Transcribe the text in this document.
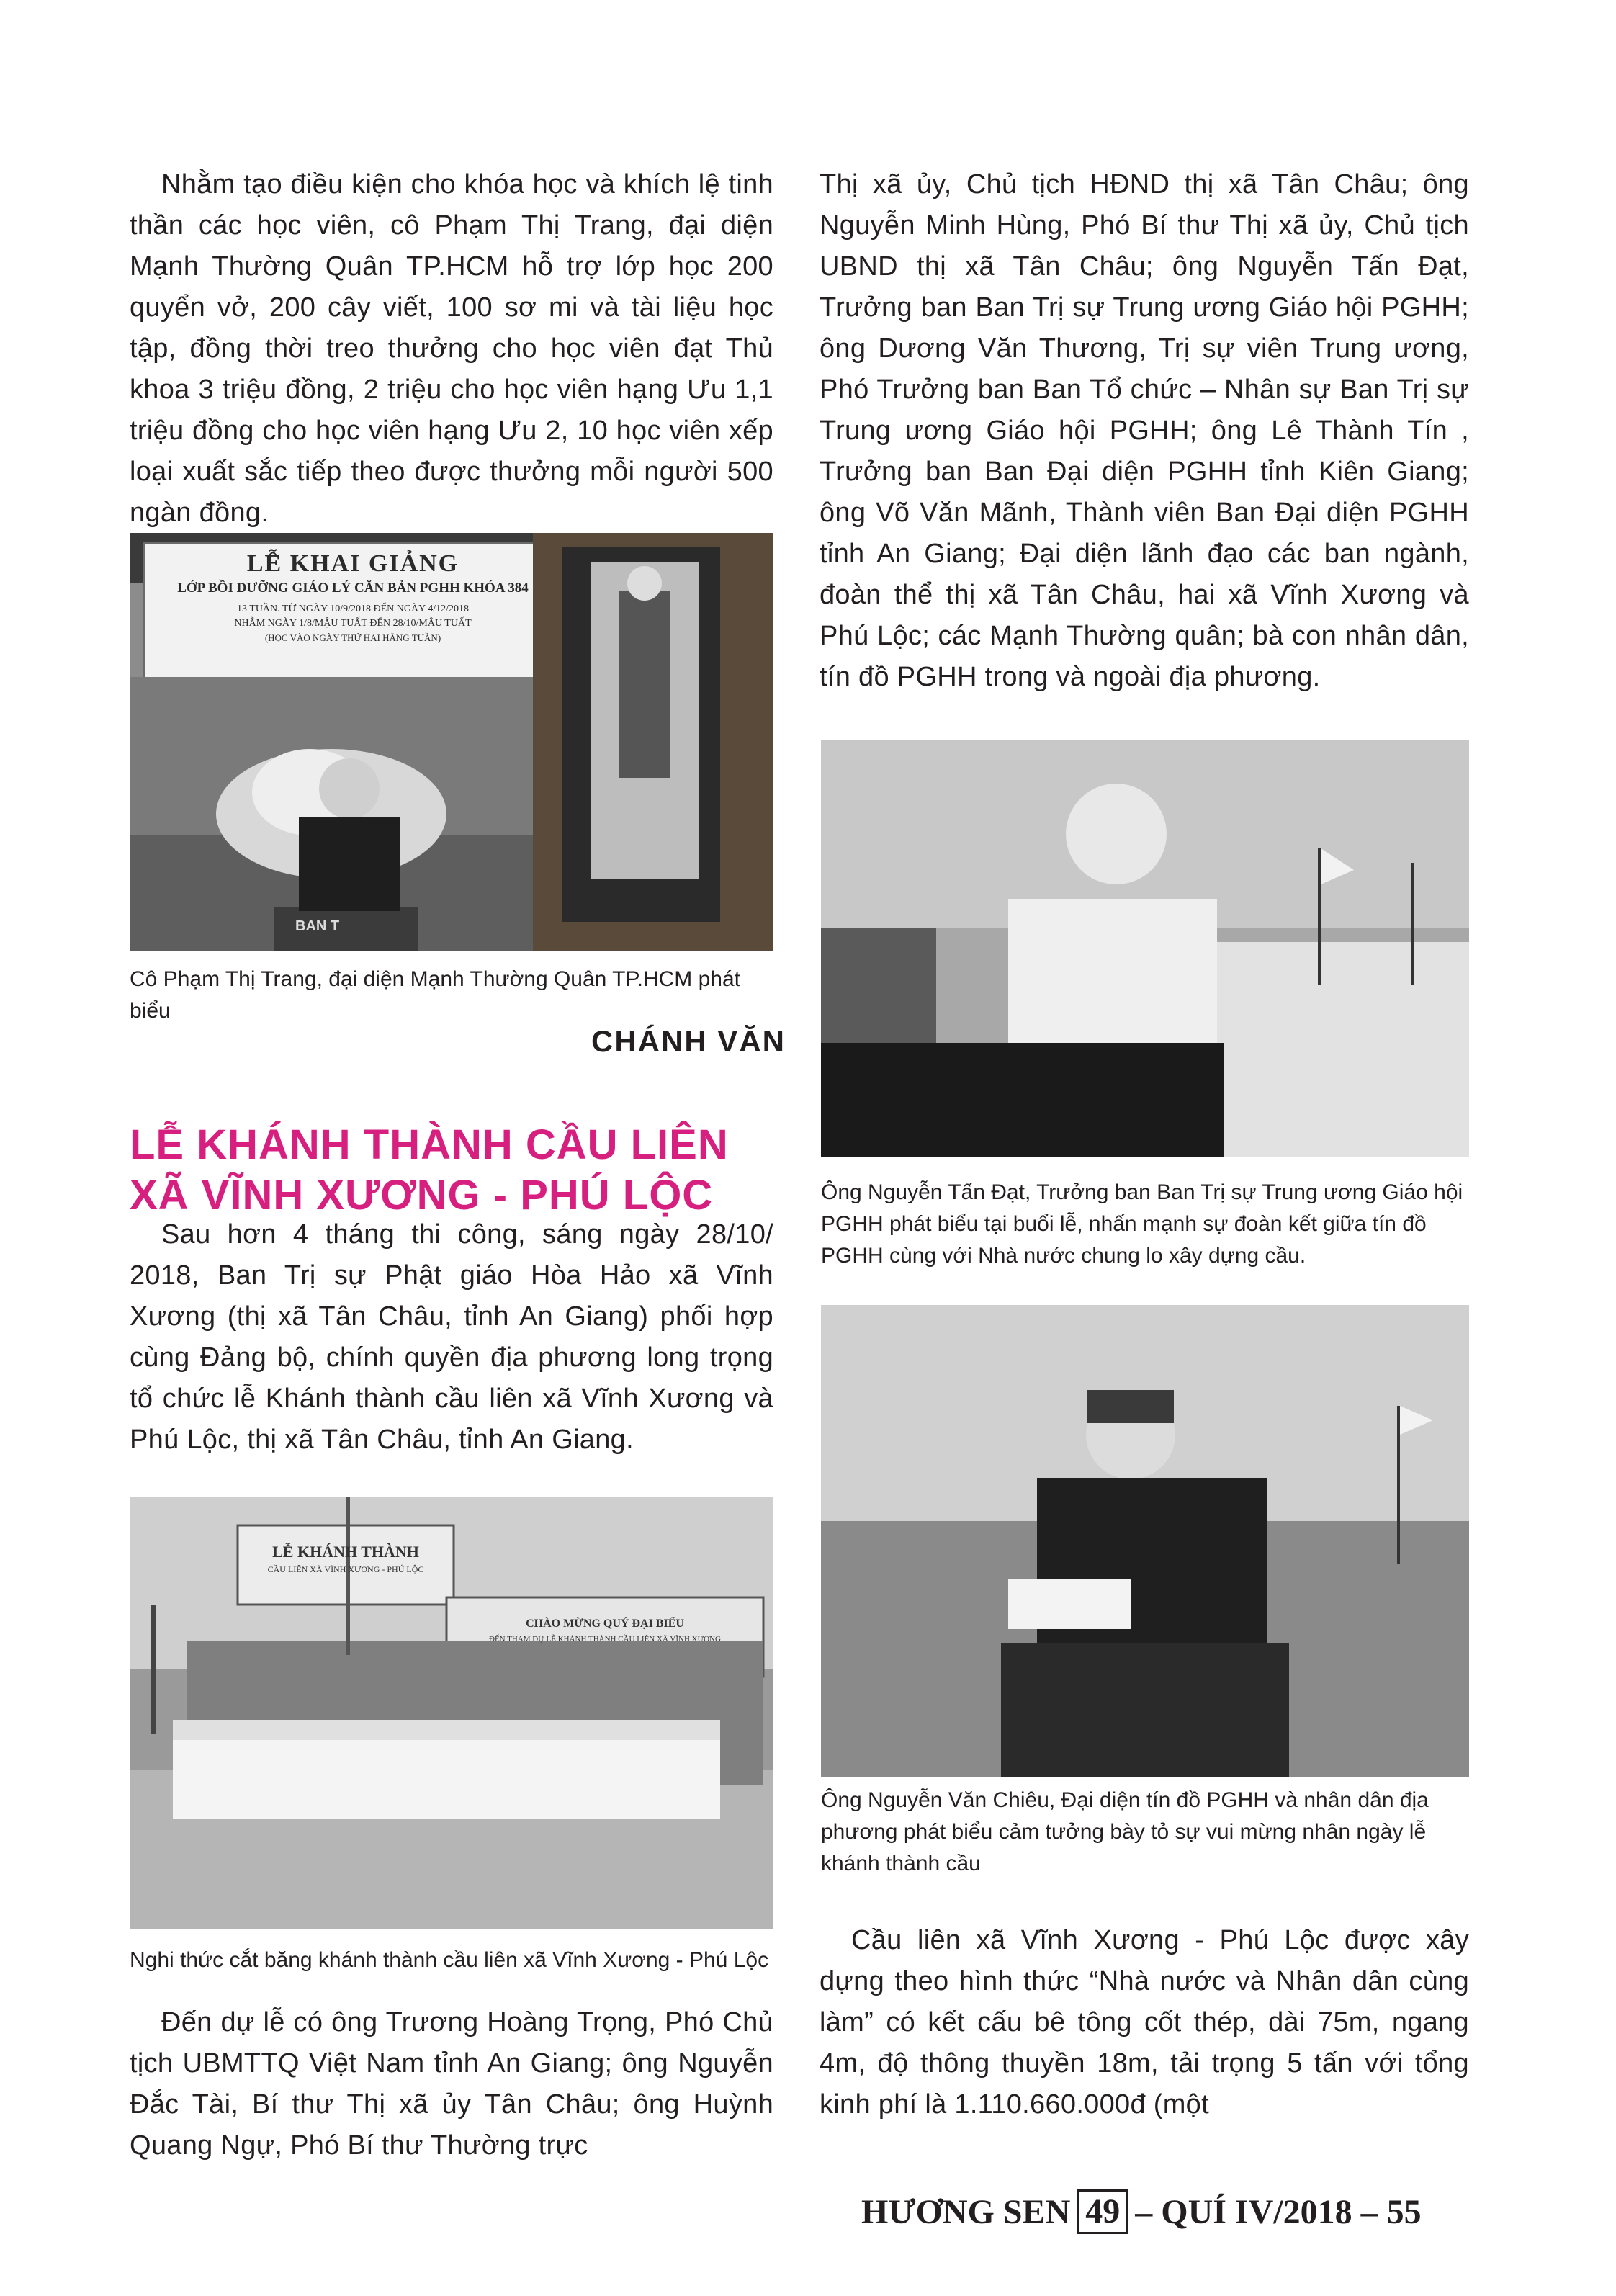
Nhằm tạo điều kiện cho khóa học và khích lệ tinh thần các học viên, cô Phạm Thị Trang, đại diện Mạnh Thường Quân TP.HCM hỗ trợ lớp học 200 quyển vở, 200 cây viết, 100 sơ mi và tài liệu học tập, đồng thời treo thưởng cho học viên đạt Thủ khoa 3 triệu đồng, 2 triệu cho học viên hạng Ưu 1,1 triệu đồng cho học viên hạng Ưu 2, 10 học viên xếp loại xuất sắc tiếp theo được thưởng mỗi người 500 ngàn đồng.

LỄ KHAI GIẢNG
LỚP BỒI DƯỠNG GIÁO LÝ CĂN BẢN PGHH KHÓA 384
13 TUẦN. TỪ NGÀY 10/9/2018 ĐẾN NGÀY 4/12/2018
NHẰM NGÀY 1/8/MẬU TUẤT ĐẾN 28/10/MẬU TUẤT
(HỌC VÀO NGÀY THỨ HAI HẰNG TUẦN)
BAN T

Cô Phạm Thị Trang, đại diện Mạnh Thường Quân TP.HCM phát biểu

CHÁNH VĂN

LỄ KHÁNH THÀNH CẦU LIÊN XÃ VĨNH XƯƠNG - PHÚ LỘC

Sau hơn 4 tháng thi công, sáng ngày 28/10/ 2018, Ban Trị sự Phật giáo Hòa Hảo xã Vĩnh Xương (thị xã Tân Châu, tỉnh An Giang) phối hợp cùng Đảng bộ, chính quyền địa phương long trọng tổ chức lễ Khánh thành cầu liên xã Vĩnh Xương và Phú Lộc, thị xã Tân Châu, tỉnh An Giang.

LỄ KHÁNH THÀNH
CẦU LIÊN XÃ VĨNH XƯƠNG - PHÚ LỘC
CHÀO MỪNG QUÝ ĐẠI BIỂU
ĐẾN THAM DỰ LỄ KHÁNH THÀNH CẦU LIÊN XÃ VĨNH XƯƠNG

Nghi thức cắt băng khánh thành cầu liên xã Vĩnh Xương - Phú Lộc

Đến dự lễ có ông Trương Hoàng Trọng, Phó Chủ tịch UBMTTQ Việt Nam tỉnh An Giang; ông Nguyễn Đắc Tài, Bí thư Thị xã ủy Tân Châu; ông Huỳnh Quang Ngự, Phó Bí thư Thường trực

Thị xã ủy, Chủ tịch HĐND thị xã Tân Châu; ông Nguyễn Minh Hùng, Phó Bí thư Thị xã ủy, Chủ tịch UBND thị xã Tân Châu; ông Nguyễn Tấn Đạt, Trưởng ban Ban Trị sự Trung ương Giáo hội PGHH; ông Dương Văn Thương, Trị sự viên Trung ương, Phó Trưởng ban Ban Tổ chức – Nhân sự Ban Trị sự Trung ương Giáo hội PGHH; ông Lê Thành Tín , Trưởng ban Ban Đại diện PGHH tỉnh Kiên Giang; ông Võ Văn Mãnh, Thành viên Ban Đại diện PGHH tỉnh An Giang; Đại diện lãnh đạo các ban ngành, đoàn thể thị xã Tân Châu, hai xã Vĩnh Xương và Phú Lộc; các Mạnh Thường quân; bà con nhân dân, tín đồ PGHH trong và ngoài địa phương.

Ông Nguyễn Tấn Đạt, Trưởng ban Ban Trị sự Trung ương Giáo hội PGHH phát biểu tại buổi lễ, nhấn mạnh sự đoàn kết giữa tín đồ PGHH cùng với Nhà nước chung lo xây dựng cầu.

Ông Nguyễn Văn Chiêu, Đại diện tín đồ PGHH và nhân dân địa phương phát biểu cảm tưởng bày tỏ sự vui mừng nhân ngày lễ khánh thành cầu

Cầu liên xã Vĩnh Xương - Phú Lộc được xây dựng theo hình thức “Nhà nước và Nhân dân cùng làm” có kết cấu bê tông cốt thép, dài 75m, ngang 4m, độ thông thuyền 18m, tải trọng 5 tấn với tổng kinh phí là 1.110.660.000đ (một

HƯƠNG SEN 49 – QUÍ IV/2018 – 55
